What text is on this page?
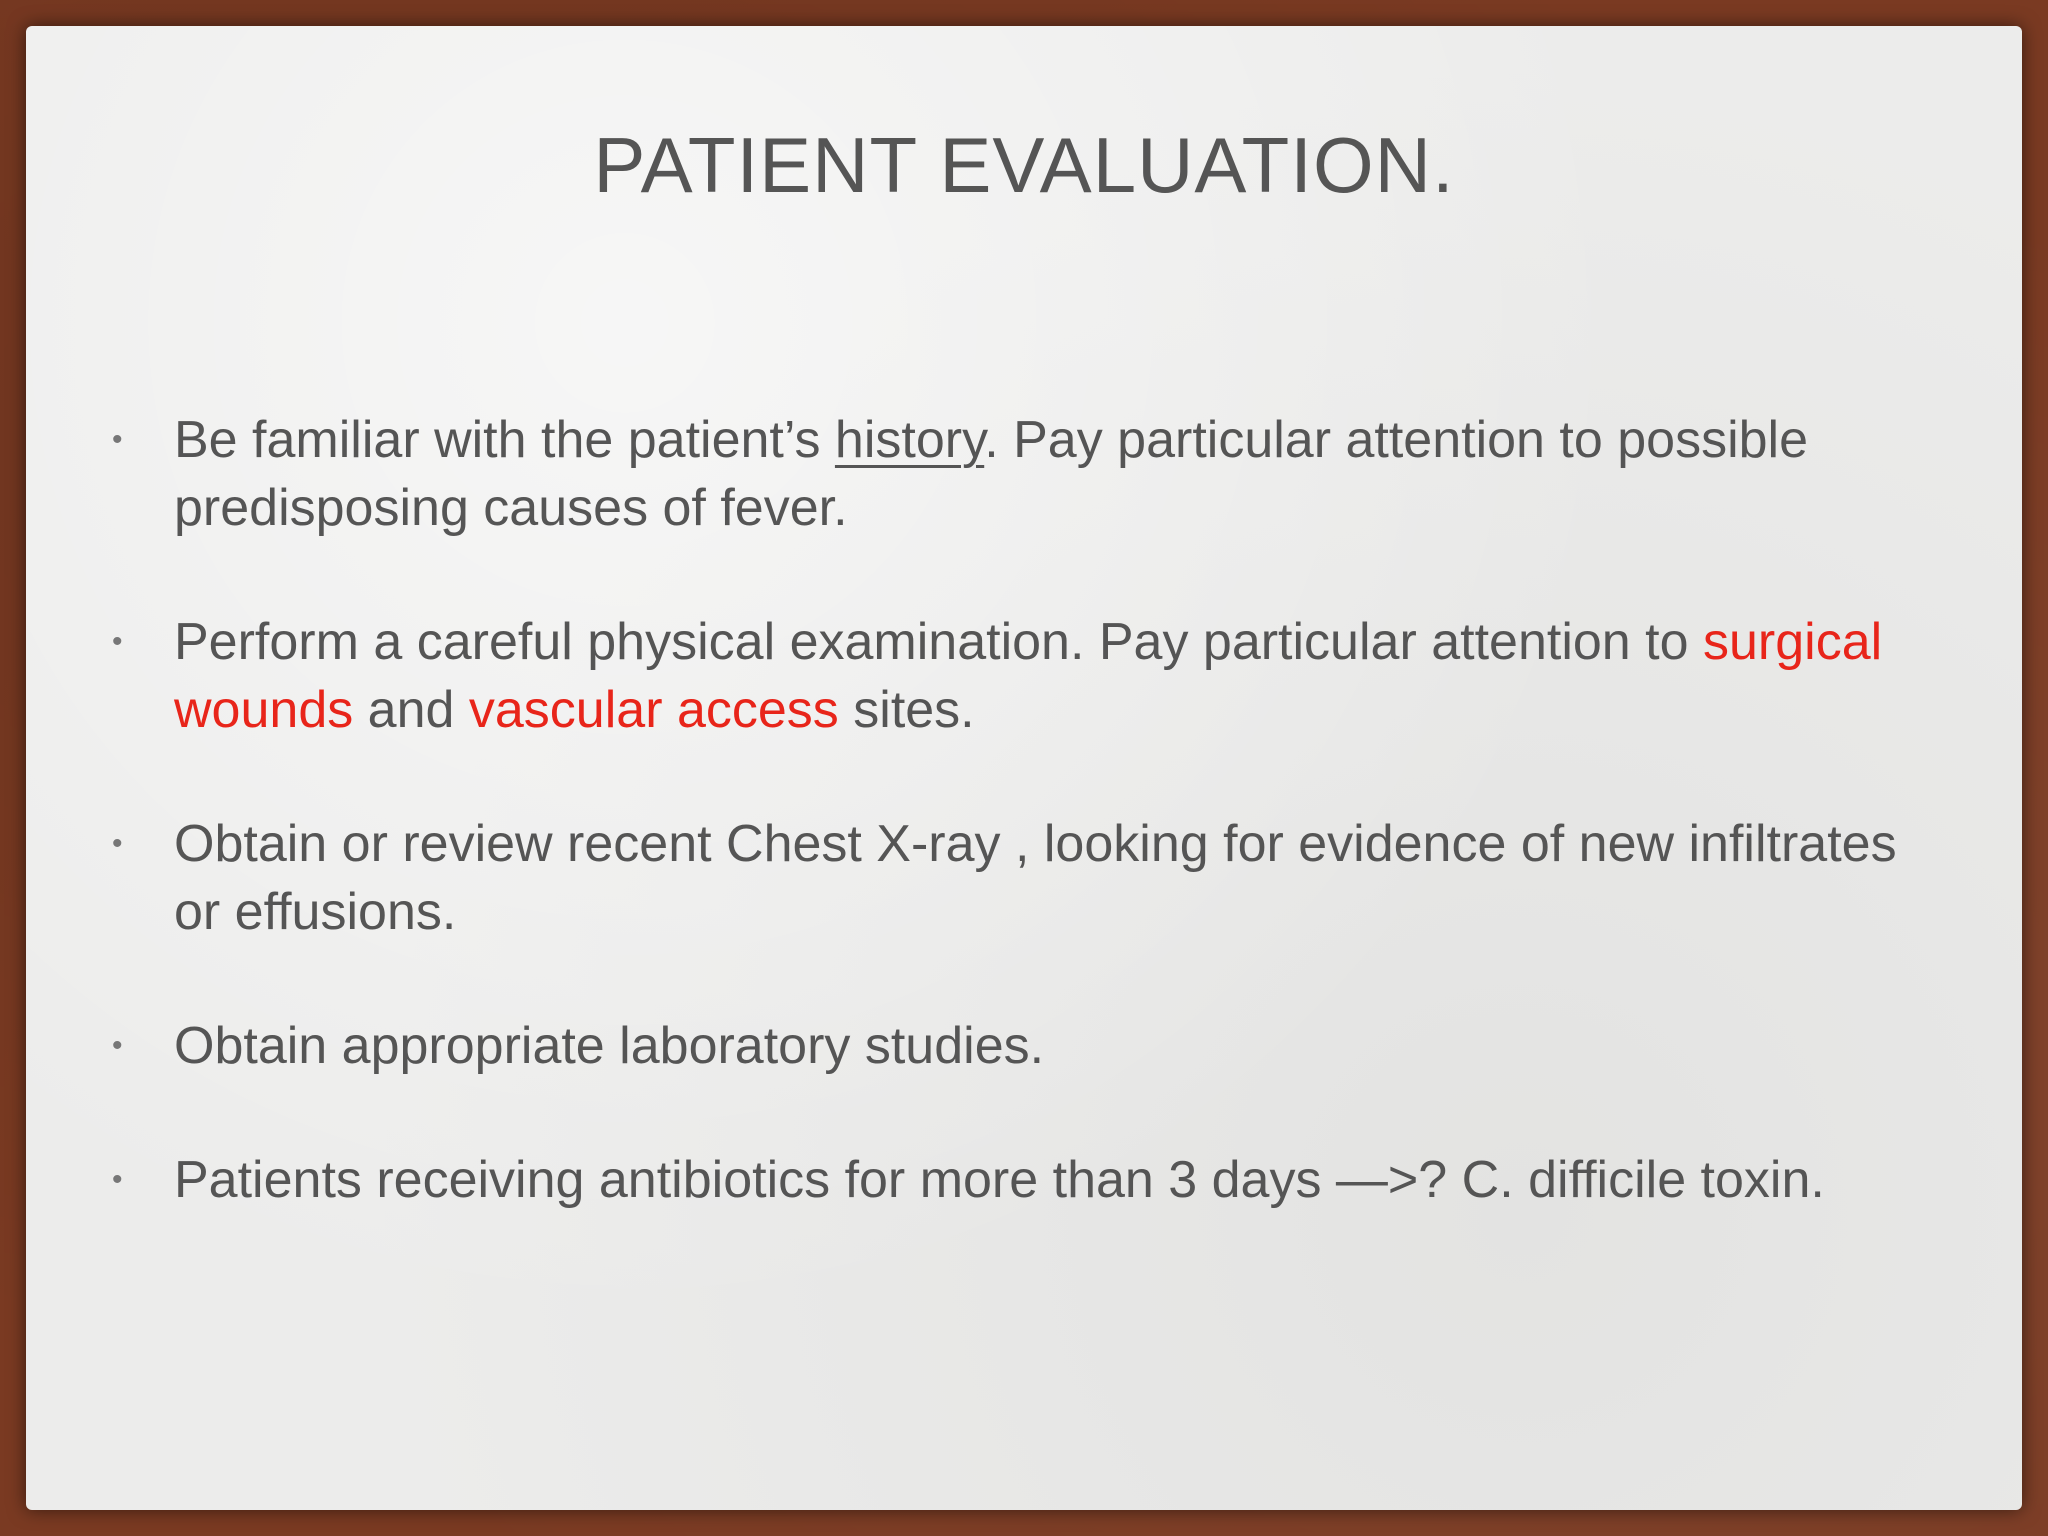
PATIENT EVALUATION.
• Be familiar with the patient’s history. Pay particular attention to possible predisposing causes of fever.
• Perform a careful physical examination. Pay particular attention to surgical wounds and vascular access sites.
• Obtain or review recent Chest X-ray , looking for evidence of new infiltrates or effusions.
• Obtain appropriate laboratory studies.
• Patients receiving antibiotics for more than 3 days —>? C. difficile toxin.
